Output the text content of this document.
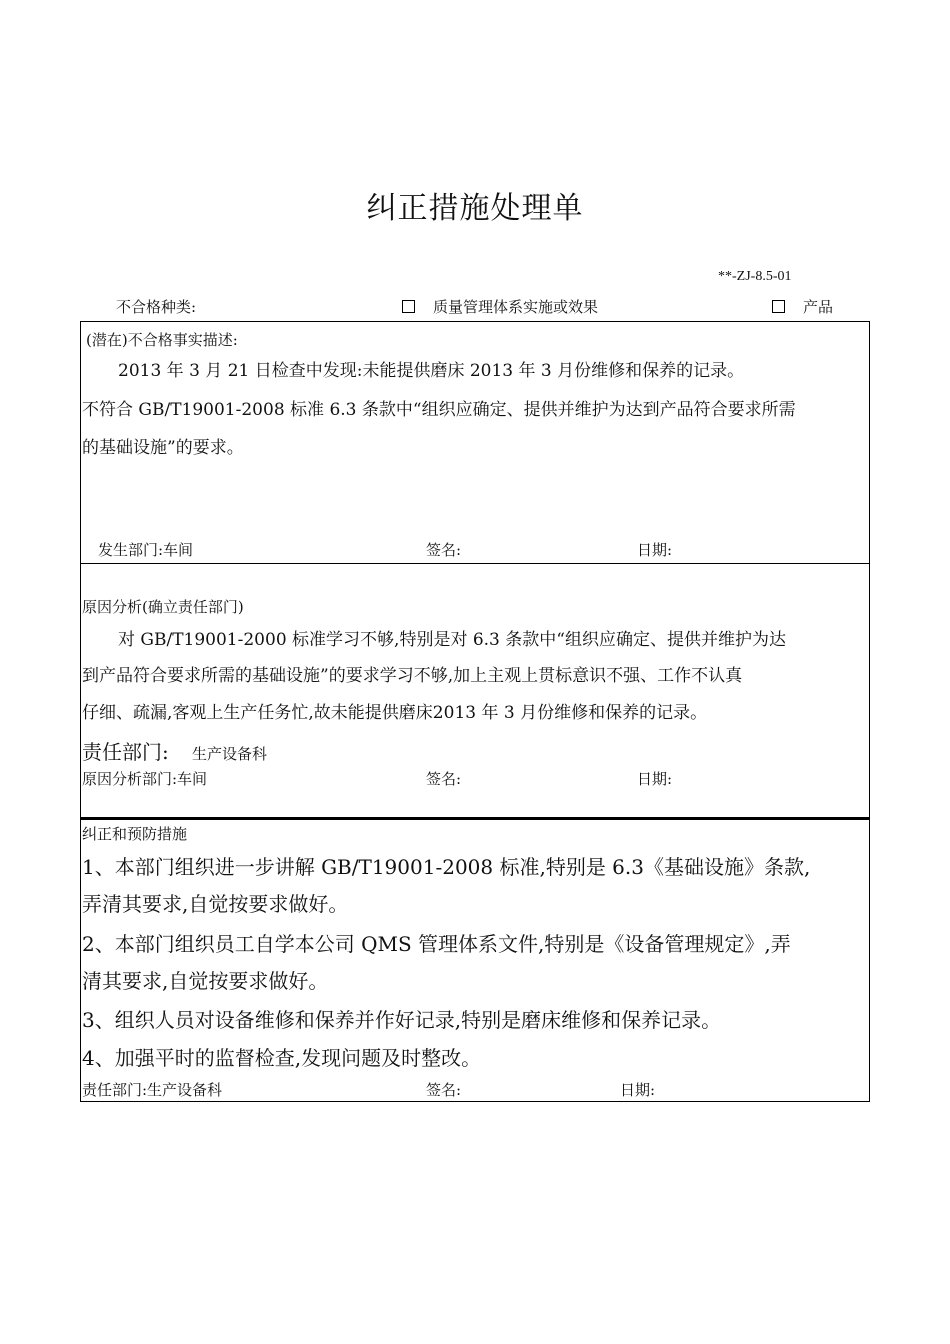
纠正措施处理单
**-ZJ-8.5-01
不合格种类:	质量管理体系实施或效果	产品
(潜在)不合格事实描述:
2013 年 3 月 21 日检查中发现:未能提供磨床 2013 年 3 月份维修和保养的记录。
不符合 GB/T19001-2008 标准 6.3 条款中“组织应确定、提供并维护为达到产品符合要求所需
的基础设施”的要求。
发生部门:车间	签名:	日期:
原因分析(确立责任部门)
对 GB/T19001-2000 标准学习不够,特别是对 6.3 条款中“组织应确定、提供并维护为达
到产品符合要求所需的基础设施”的要求学习不够,加上主观上贯标意识不强、工作不认真
仔细、疏漏,客观上生产任务忙,故未能提供磨床2013 年 3 月份维修和保养的记录。
责任部门: 生产设备科
原因分析部门:车间	签名:	日期:
纠正和预防措施
1、本部门组织进一步讲解 GB/T19001-2008 标准,特别是 6.3《基础设施》条款,
弄清其要求,自觉按要求做好。
2、本部门组织员工自学本公司 QMS 管理体系文件,特别是《设备管理规定》,弄
清其要求,自觉按要求做好。
3、组织人员对设备维修和保养并作好记录,特别是磨床维修和保养记录。
4、加强平时的监督检查,发现问题及时整改。
责任部门:生产设备科	签名:	日期:
